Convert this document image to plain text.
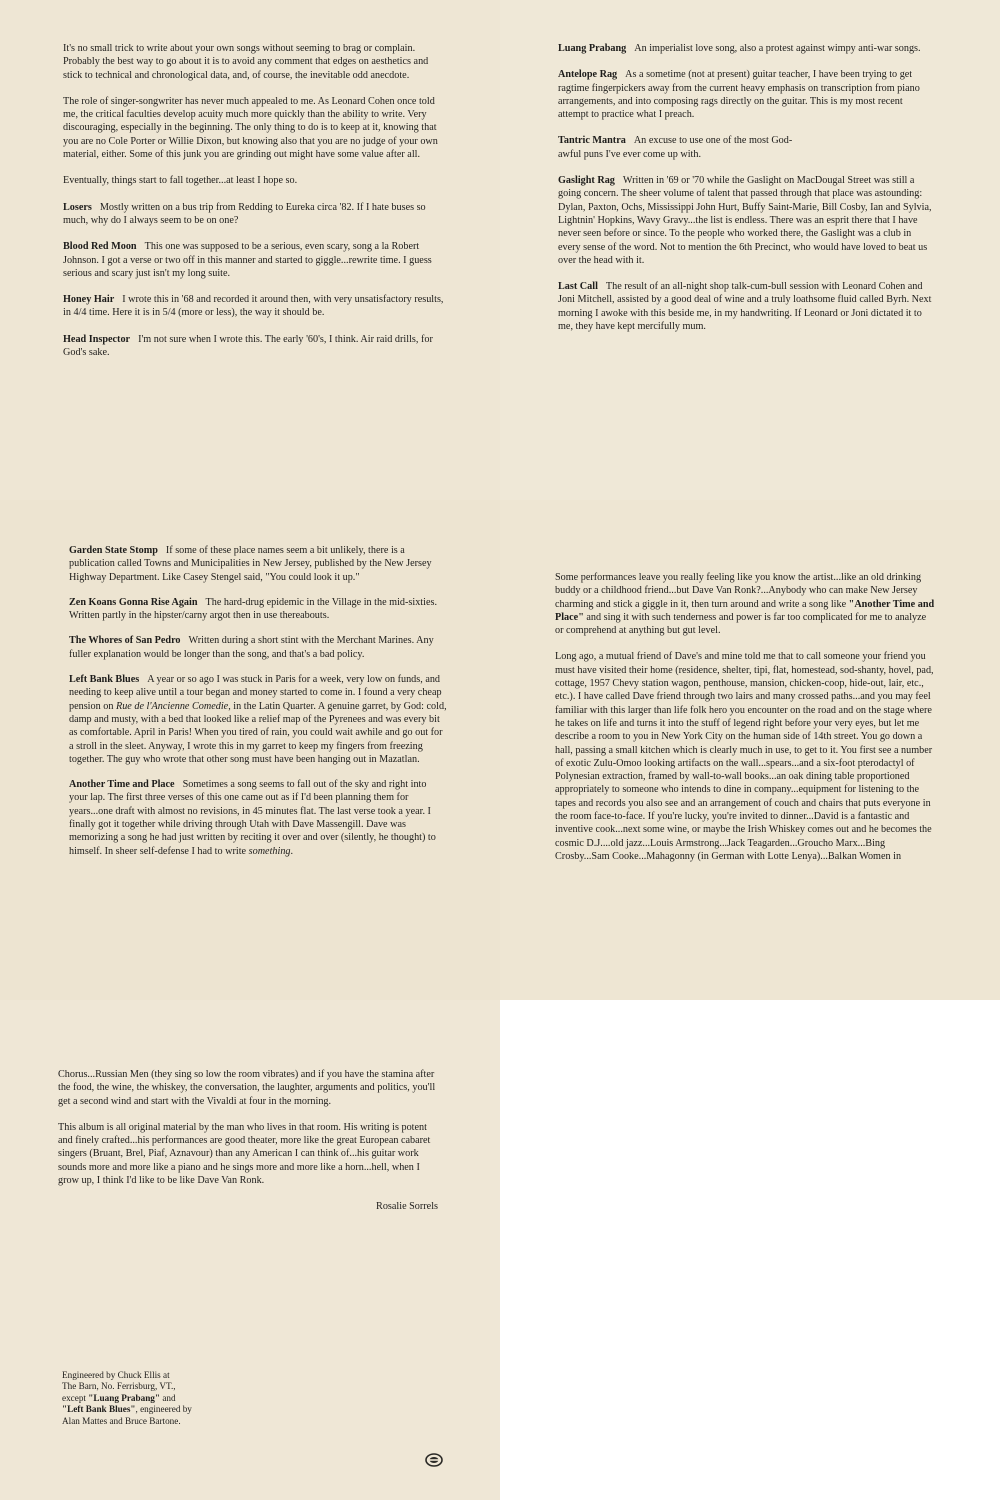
It's no small trick to write about your own songs without seeming to brag or complain. Probably the best way to go about it is to avoid any comment that edges on aesthetics and stick to technical and chronological data, and, of course, the inevitable odd anecdote.

The role of singer-songwriter has never much appealed to me. As Leonard Cohen once told me, the critical faculties develop acuity much more quickly than the ability to write. Very discouraging, especially in the beginning. The only thing to do is to keep at it, knowing that you are no Cole Porter or Willie Dixon, but knowing also that you are no judge of your own material, either. Some of this junk you are grinding out might have some value after all.

Eventually, things start to fall together...at least I hope so.

Losers Mostly written on a bus trip from Redding to Eureka circa '82. If I hate buses so much, why do I always seem to be on one?

Blood Red Moon This one was supposed to be a serious, even scary, song a la Robert Johnson. I got a verse or two off in this manner and started to giggle...rewrite time. I guess serious and scary just isn't my long suite.

Honey Hair I wrote this in '68 and recorded it around then, with very unsatisfactory results, in 4/4 time. Here it is in 5/4 (more or less), the way it should be.

Head Inspector I'm not sure when I wrote this. The early '60's, I think. Air raid drills, for God's sake.

Luang Prabang An imperialist love song, also a protest against wimpy anti-war songs.

Antelope Rag As a sometime (not at present) guitar teacher, I have been trying to get ragtime fingerpickers away from the current heavy emphasis on transcription from piano arrangements, and into composing rags directly on the guitar. This is my most recent attempt to practice what I preach.

Tantric Mantra An excuse to use one of the most God-awful puns I've ever come up with.

Gaslight Rag Written in '69 or '70 while the Gaslight on MacDougal Street was still a going concern. The sheer volume of talent that passed through that place was astounding: Dylan, Paxton, Ochs, Mississippi John Hurt, Buffy Saint-Marie, Bill Cosby, Ian and Sylvia, Lightnin' Hopkins, Wavy Gravy...the list is endless. There was an esprit there that I have never seen before or since. To the people who worked there, the Gaslight was a club in every sense of the word. Not to mention the 6th Precinct, who would have loved to beat us over the head with it.

Last Call The result of an all-night shop talk-cum-bull session with Leonard Cohen and Joni Mitchell, assisted by a good deal of wine and a truly loathsome fluid called Byrh. Next morning I awoke with this beside me, in my handwriting. If Leonard or Joni dictated it to me, they have kept mercifully mum.

Garden State Stomp If some of these place names seem a bit unlikely, there is a publication called Towns and Municipalities in New Jersey, published by the New Jersey Highway Department. Like Casey Stengel said, "You could look it up."

Zen Koans Gonna Rise Again The hard-drug epidemic in the Village in the mid-sixties. Written partly in the hipster/carny argot then in use thereabouts.

The Whores of San Pedro Written during a short stint with the Merchant Marines. Any fuller explanation would be longer than the song, and that's a bad policy.

Left Bank Blues A year or so ago I was stuck in Paris for a week, very low on funds, and needing to keep alive until a tour began and money started to come in. I found a very cheap pension on Rue de l'Ancienne Comedie, in the Latin Quarter. A genuine garret, by God: cold, damp and musty, with a bed that looked like a relief map of the Pyrenees and was every bit as comfortable. April in Paris! When you tired of rain, you could wait awhile and go out for a stroll in the sleet. Anyway, I wrote this in my garret to keep my fingers from freezing together. The guy who wrote that other song must have been hanging out in Mazatlan.

Another Time and Place Sometimes a song seems to fall out of the sky and right into your lap. The first three verses of this one came out as if I'd been planning them for years...one draft with almost no revisions, in 45 minutes flat. The last verse took a year. I finally got it together while driving through Utah with Dave Massengill. Dave was memorizing a song he had just written by reciting it over and over (silently, he thought) to himself. In sheer self-defense I had to write something.

Some performances leave you really feeling like you know the artist...like an old drinking buddy or a childhood friend...but Dave Van Ronk?...Anybody who can make New Jersey charming and stick a giggle in it, then turn around and write a song like "Another Time and Place" and sing it with such tenderness and power is far too complicated for me to analyze or comprehend at anything but gut level.

Long ago, a mutual friend of Dave's and mine told me that to call someone your friend you must have visited their home (residence, shelter, tipi, flat, homestead, sod-shanty, hovel, pad, cottage, 1957 Chevy station wagon, penthouse, mansion, chicken-coop, hide-out, lair, etc., etc.). I have called Dave friend through two lairs and many crossed paths...and you may feel familiar with this larger than life folk hero you encounter on the road and on the stage where he takes on life and turns it into the stuff of legend right before your very eyes, but let me describe a room to you in New York City on the human side of 14th street. You go down a hall, passing a small kitchen which is clearly much in use, to get to it. You first see a number of exotic Zulu-Omoo looking artifacts on the wall...spears...and a six-foot pterodactyl of Polynesian extraction, framed by wall-to-wall books...an oak dining table proportioned appropriately to someone who intends to dine in company...equipment for listening to the tapes and records you also see and an arrangement of couch and chairs that puts everyone in the room face-to-face. If you're lucky, you're invited to dinner...David is a fantastic and inventive cook...next some wine, or maybe the Irish Whiskey comes out and he becomes the cosmic D.J....old jazz...Louis Armstrong...Jack Teagarden...Groucho Marx...Bing Crosby...Sam Cooke...Mahagonny (in German with Lotte Lenya)...Balkan Women in

Chorus...Russian Men (they sing so low the room vibrates) and if you have the stamina after the food, the wine, the whiskey, the conversation, the laughter, arguments and politics, you'll get a second wind and start with the Vivaldi at four in the morning.

This album is all original material by the man who lives in that room. His writing is potent and finely crafted...his performances are good theater, more like the great European cabaret singers (Bruant, Brel, Piaf, Aznavour) than any American I can think of...his guitar work sounds more and more like a piano and he sings more and more like a horn...hell, when I grow up, I think I'd like to be like Dave Van Ronk.

Rosalie Sorrels

Engineered by Chuck Ellis at

The Barn, No. Ferrisburg, VT.,

except "Luang Prabang" and

"Left Bank Blues", engineered by

Alan Mattes and Bruce Bartone.
